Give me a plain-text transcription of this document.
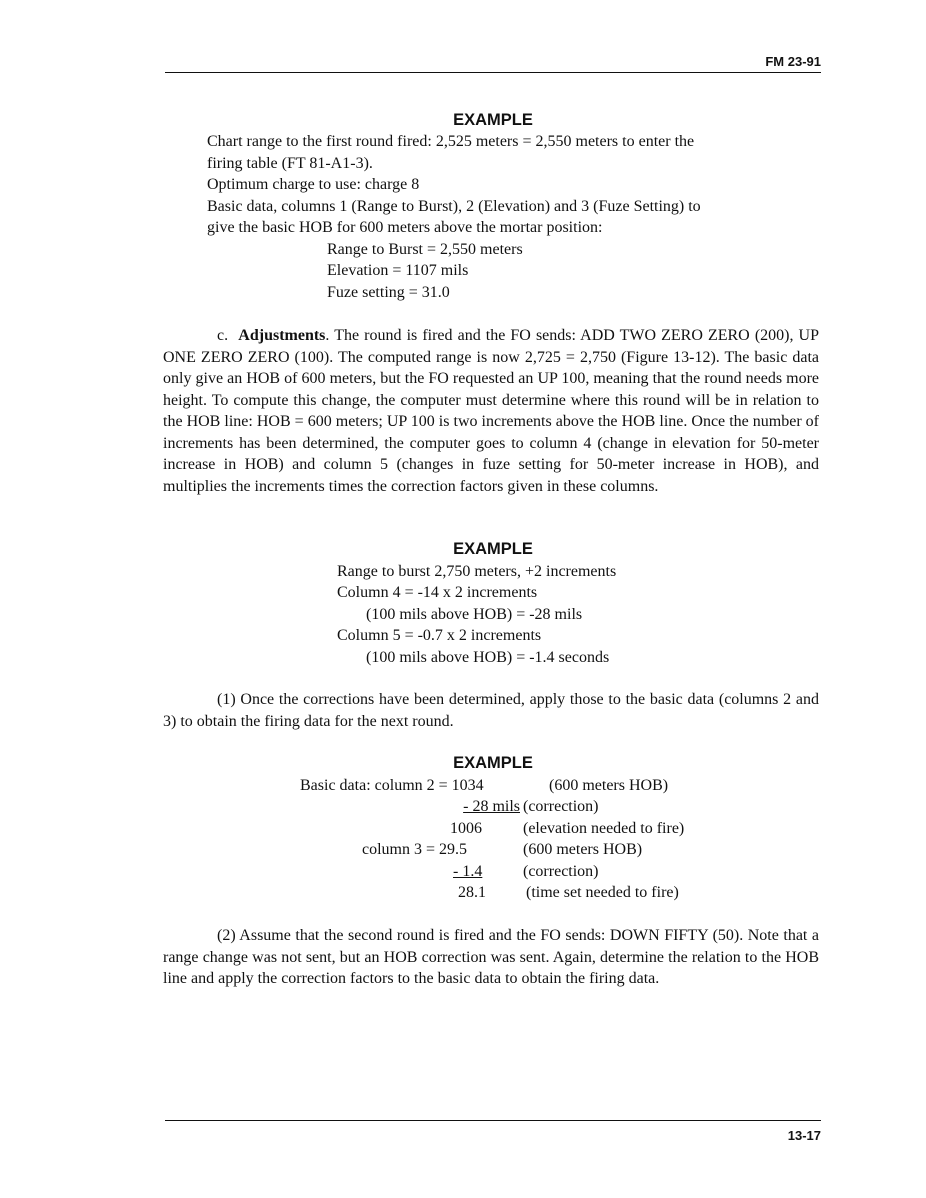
FM 23-91
EXAMPLE
Chart range to the first round fired: 2,525 meters = 2,550 meters to enter the
firing table (FT 81-A1-3).
Optimum charge to use: charge 8
Basic data, columns 1 (Range to Burst), 2 (Elevation) and 3 (Fuze Setting) to
give the basic HOB for 600 meters above the mortar position:
Range to Burst = 2,550 meters
Elevation = 1107 mils
Fuze setting = 31.0
c. Adjustments. The round is fired and the FO sends: ADD TWO ZERO ZERO (200), UP ONE ZERO ZERO (100). The computed range is now 2,725 = 2,750 (Figure 13-12). The basic data only give an HOB of 600 meters, but the FO requested an UP 100, meaning that the round needs more height. To compute this change, the computer must determine where this round will be in relation to the HOB line: HOB = 600 meters; UP 100 is two increments above the HOB line. Once the number of increments has been determined, the computer goes to column 4 (change in elevation for 50-meter increase in HOB) and column 5 (changes in fuze setting for 50-meter increase in HOB), and multiplies the increments times the correction factors given in these columns.
EXAMPLE
Range to burst 2,750 meters, +2 increments
Column 4 = -14 x 2 increments
(100 mils above HOB) = -28 mils
Column 5 = -0.7 x 2 increments
(100 mils above HOB) = -1.4 seconds
(1) Once the corrections have been determined, apply those to the basic data (columns 2 and 3) to obtain the firing data for the next round.
EXAMPLE
Basic data: column 2 = 1034	(600 meters HOB)
- 28 mils (correction)
1006	(elevation needed to fire)
column 3 = 29.5	(600 meters HOB)
- 1.4	(correction)
28.1	(time set needed to fire)
(2) Assume that the second round is fired and the FO sends: DOWN FIFTY (50). Note that a range change was not sent, but an HOB correction was sent. Again, determine the relation to the HOB line and apply the correction factors to the basic data to obtain the firing data.
13-17
